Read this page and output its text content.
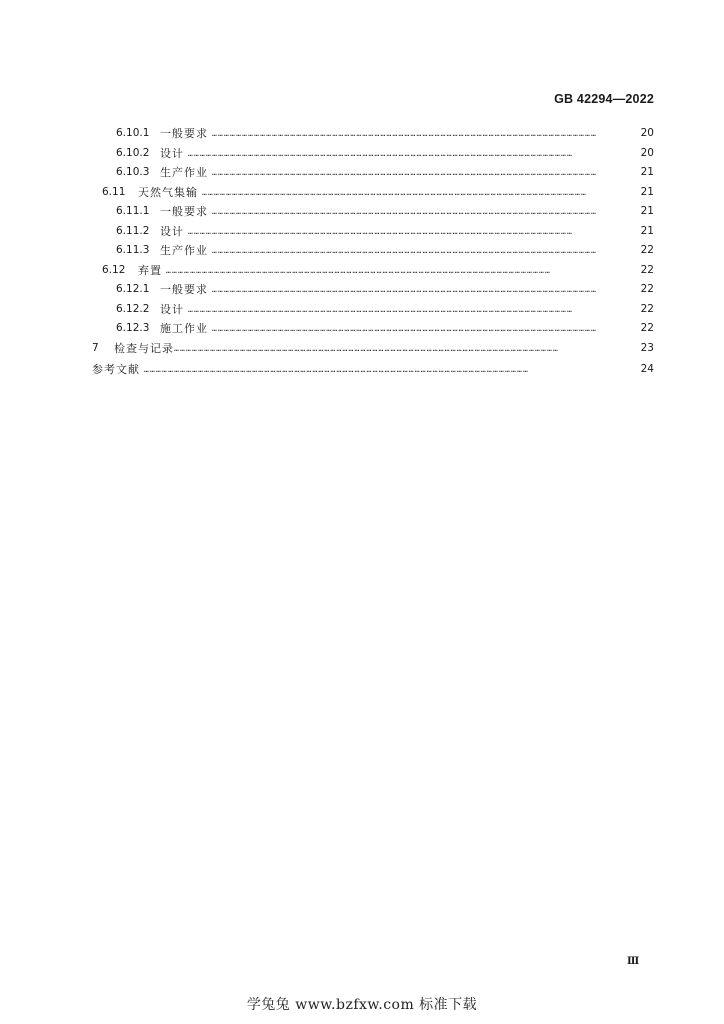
GB 42294—2022
6.10.1 一般要求 …………………………………………………………………………………………………………………………………………………………………………	20
6.10.2 设计 …………………………………………………………………………………………………………………………………………………………………………	20
6.10.3 生产作业 …………………………………………………………………………………………………………………………………………………………………………	21
6.11	天然气集输 …………………………………………………………………………………………………………………………………………………………………………	21
6.11.1 一般要求 …………………………………………………………………………………………………………………………………………………………………………	21
6.11.2 设计 …………………………………………………………………………………………………………………………………………………………………………	21
6.11.3 生产作业 …………………………………………………………………………………………………………………………………………………………………………	22
6.12	弃置 …………………………………………………………………………………………………………………………………………………………………………	22
6.12.1 一般要求 …………………………………………………………………………………………………………………………………………………………………………	22
6.12.2 设计 …………………………………………………………………………………………………………………………………………………………………………	22
6.12.3 施工作业 …………………………………………………………………………………………………………………………………………………………………………	22
7	检查与记录 …………………………………………………………………………………………………………………………………………………………………………	23
参考文献 …………………………………………………………………………………………………………………………………………………………………………	24
Ⅲ
学兔兔 www.bzfxw.com 标准下载
